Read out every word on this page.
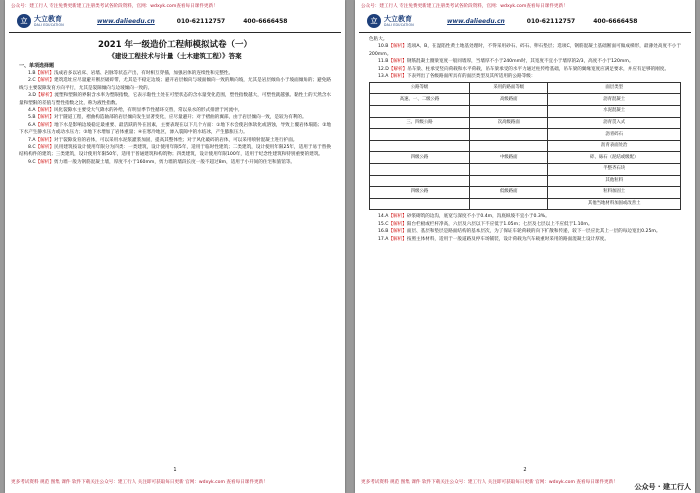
公众号：建工行人 专注免费更新建工注册类考试各阶段资料，官网：wdxyk.com查看每日课件更新！
立 大立教育
DALI EDUCATION
www.dalieedu.cn	010-62112757	400-6666458
2021 年一级造价工程师模拟试卷（一）
《建设工程技术与计量（土木建筑工程）》答案
一、单项选择题

1.B【解析】浅成岩多以岩床、岩墙、岩脉等状态产出，有时相互穿插，加强岩体的连续性和完整性。

2.C【解析】建筑选址应尽量避开断层破碎带，尤其是不稳定边坡；避开岩层倾向与坡面倾向一致的顺向坡，尤其是岩层倾角小于坡面倾角的；避免路线与主要裂隙发育方向平行，尤其是裂隙倾向与边坡倾向一致的。

3.D【解析】流塑和塑限的界限含水率为塑限指数，它表示黏性土处在可塑状态的含水量变化范围，塑性指数越大，可塑性就越强。黏性土的天然含水量和塑限的差值与塑性指数之比，称为液性指数。

4.A【解析】风化裂隙水主要受大气降水的补给，有明显季节性循环交替，常以泉水的形式排泄于河流中。

5.B【解析】对于隧道工程，褶曲构造轴部的岩层倾向发生显著变化，应尽量避开；对于褶曲的翼部，由于岩层倾向一致，是较为有利的。

6.A【解析】地下水是影响边坡稳定最重要、最活跃的外在因素，主要表现在以下几个方面：①地下水会使岩体软化或溶蚀，导致上覆岩体塌陷；②地下水产生静水压力或动水压力；③地下水增加了岩体重量；④在寒冷地区，渗入裂隙中的水结冰，产生膨胀压力。

7.A【解析】对于裂隙发育的岩体，可以采用水泥浆灌浆加固，提高其整体性；对于风化破碎的岩体，可以采用喷射混凝土进行护面。

8.C【解析】民用建筑按设计使用年限分为四类：一类建筑，设计使用年限5年，适用于临时性建筑；二类建筑，设计使用年限25年，适用于易于替换结构构件的建筑；三类建筑，设计使用年限50年，适用于普通建筑和构筑物；四类建筑，设计使用年限100年，适用于纪念性建筑和特别重要的建筑。

9.C【解析】剪力墙一般为钢筋混凝土墙，厚度不小于160mm，剪力墙的墙段长度一般不超过8m，适用于小开间的住宅和旅馆等。

1
更多考试资料 规范 图集 课件 软件下载关注公众号：建工行人 关注即可获取每日更新 官网：wdxyk.com 查看每日课件更新！
公众号：建工行人 专注免费更新建工注册类考试各阶段资料，官网：wdxyk.com查看每日课件更新！
立 大立教育
DALI EDUCATION
www.dalieedu.cn	010-62112757	400-6666458

色粘大。

10.B【解析】选项A、B，在湿陷性黄土地基处理时，不得采用砂石、碎石、卵石垫层；选项C，钢筋混凝土基础断面可做成梯形，最薄处高度不小于200mm。

11.B【解析】钢筋混凝土圈梁宽度一般同墙厚，当墙厚不小于240mm时，其宽度不宜小于墙厚的2/3，高度不小于120mm。

12.D【解析】吊车梁、柱承受竖向荷载和水平荷载，吊车梁承受的水平力通过柱传给基础，吊车梁的翼缘宽度应满足要求，并应有足够的刚度。

13.A【解析】下表列出了各级路面所具有的面层类型及其所适用的公路等级：

公路等级	采用的路面等级	面层类型
高速、一、二级公路	高级路面	沥青混凝土
		水泥混凝土
三、四级公路	次高级路面	沥青贯入式
		沥青碎石
		沥青表面处治
四级公路	中级路面	碎、砾石（泥结或级配）
		半整齐石块
		其他粒料
四级公路	低级路面	粒料加固土
		其他当地材料加固或改善土

14.A【解析】砂浆砌筑的边沟，底宽与深度不小于0.4m，沟底纵坡不宜小于0.3%。

15.C【解析】阳台栏板或栏杆净高，六层及六层以下不应低于1.05m；七层及七层以上不应低于1.10m。

16.B【解析】面层、基层和垫层是路面结构的基本层次，为了保证车轮荷载的向下扩散和传递，较下一层应比其上一层的每边宽出0.25m。

17.A【解析】按照主体材料，适用于一般道路及停车场铺装，设计荷载为汽车载重时采用的路面混凝土设计厚度。

2
更多考试资料 规范 图集 课件 软件下载关注公众号：建工行人 关注即可获取每日更新 官网：wdxyk.com 查看每日课件更新！
公众号 · 建工行人
